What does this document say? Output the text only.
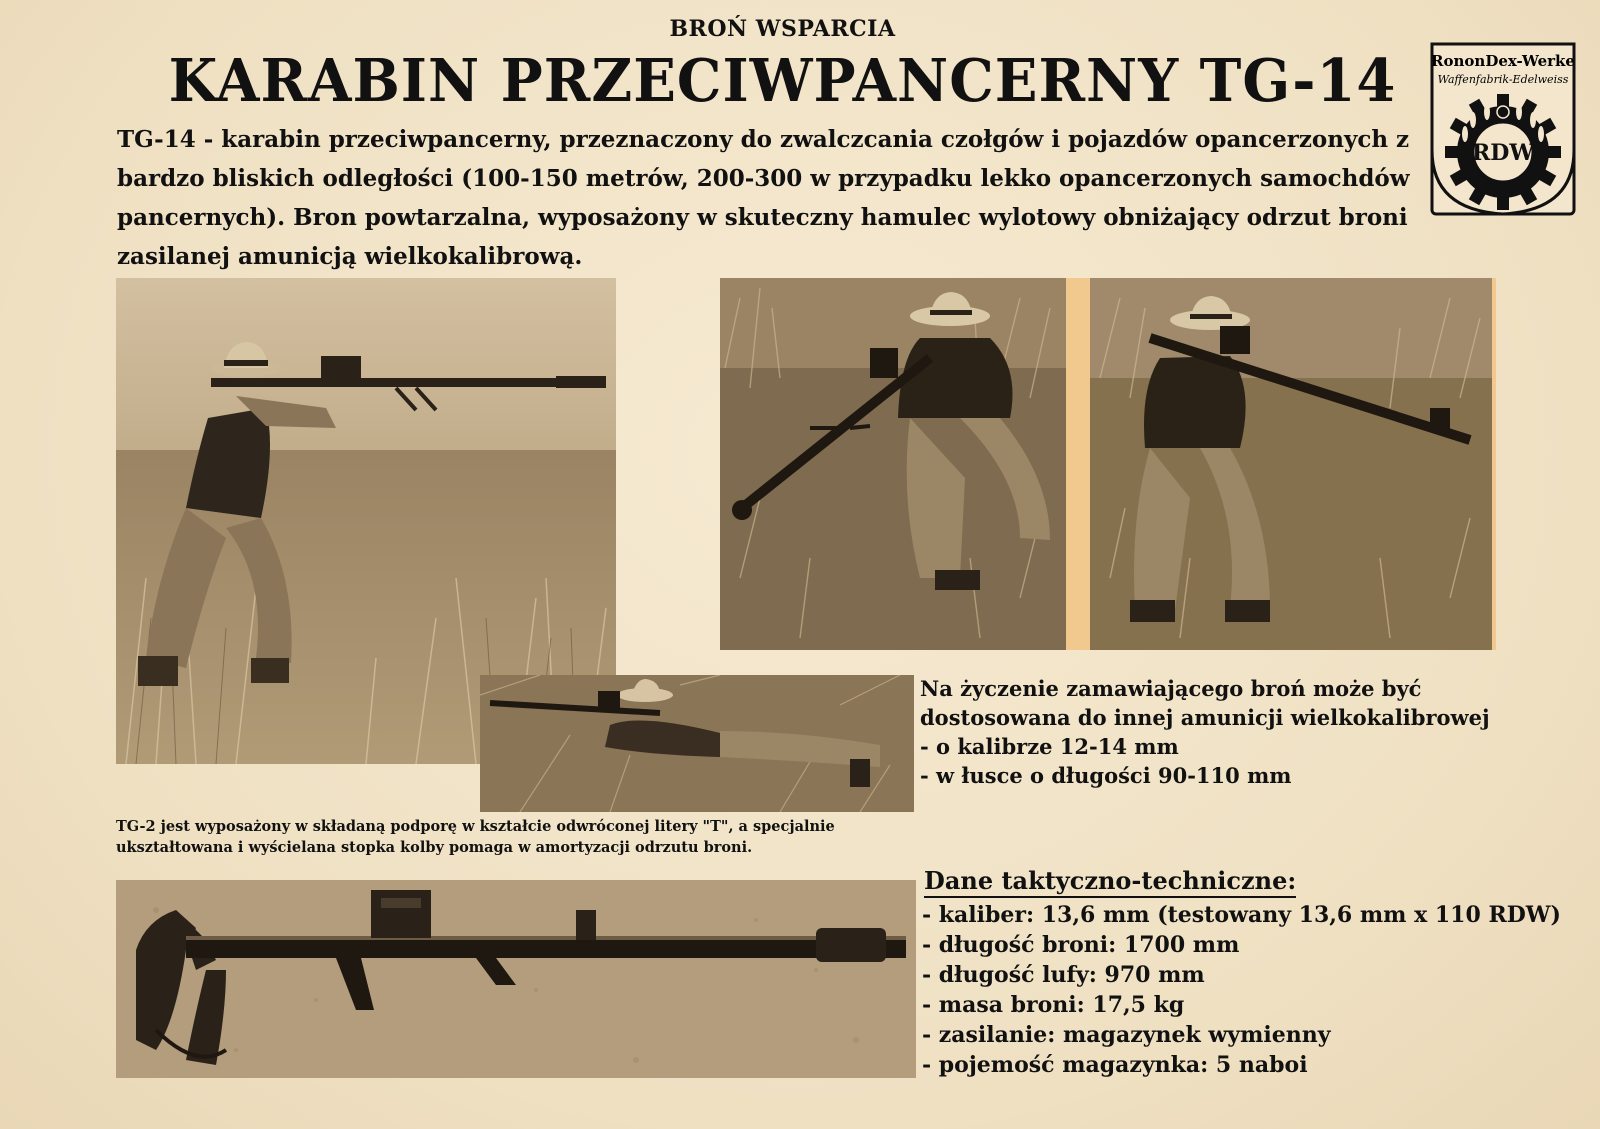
BROŃ WSPARCIA
KARABIN PRZECIWPANCERNY TG-14
TG-14 - karabin przeciwpancerny, przeznaczony do zwalczcania czołgów i pojazdów opancerzonych z bardzo bliskich odległości (100-150 metrów, 200-300 w przypadku lekko opancerzonych samochdów pancernych). Bron powtarzalna, wyposażony w skuteczny hamulec wylotowy obniżający odrzut broni zasilanej amunicją wielkokalibrową.
RononDex-Werke
Waffenfabrik-Edelweiss
RDW
Na życzenie zamawiającego broń może być
dostosowana do innej amunicji wielkokalibrowej
- o kalibrze 12-14 mm
- w łusce o długości 90-110 mm
TG-2 jest wyposażony w składaną podporę w kształcie odwróconej litery "T", a specjalnie ukształtowana i wyścielana stopka kolby pomaga w amortyzacji odrzutu broni.
Dane taktyczno-techniczne:
- kaliber: 13,6 mm (testowany 13,6 mm x 110 RDW)
- długość broni: 1700 mm
- długość lufy: 970 mm
- masa broni: 17,5 kg
- zasilanie: magazynek wymienny
- pojemość magazynka: 5 naboi
